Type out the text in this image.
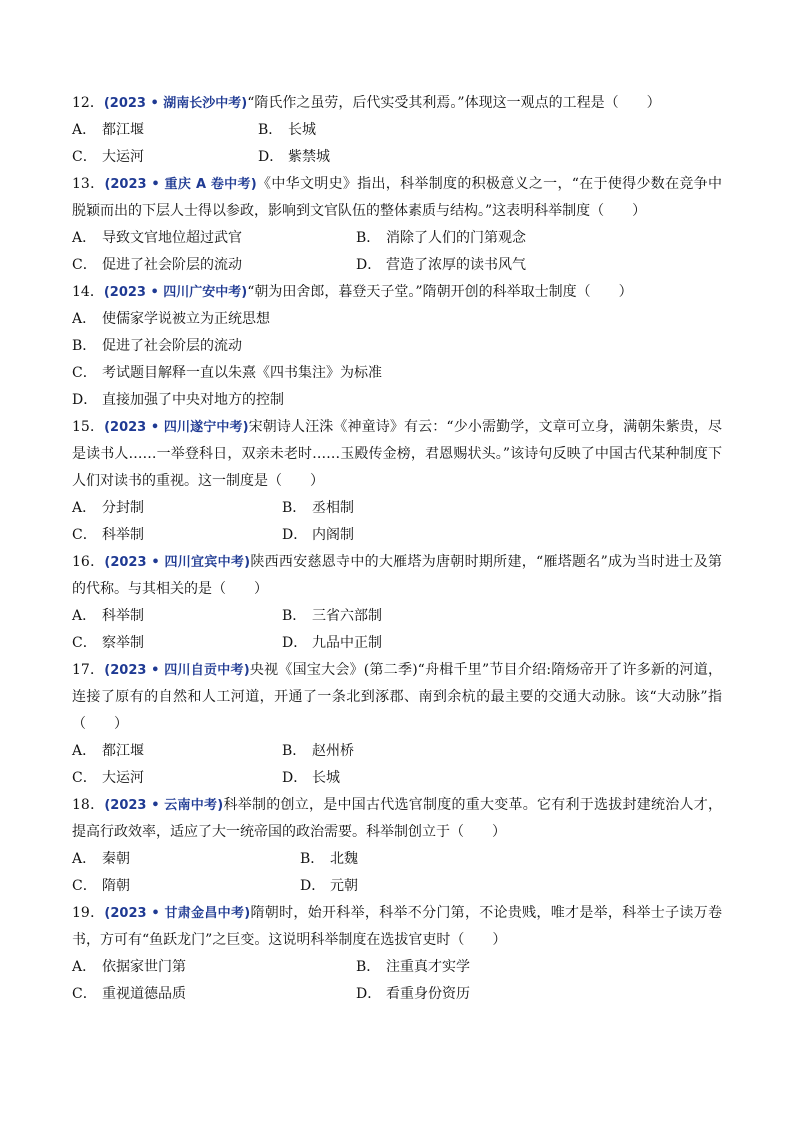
12．(2023 • 湖南长沙中考)“隋氏作之虽劳，后代实受其利焉。”体现这一观点的工程是（　　）
A． 都江堰	B． 长城
C． 大运河	D． 紫禁城
13．(2023 • 重庆 A 卷中考)《中华文明史》指出，科举制度的积极意义之一，“在于使得少数在竞争中脱颖而出的下层人士得以参政，影响到文官队伍的整体素质与结构。”这表明科举制度（　　）
A． 导致文官地位超过武官	B． 消除了人们的门第观念
C． 促进了社会阶层的流动	D． 营造了浓厚的读书风气
14．(2023 • 四川广安中考)“朝为田舍郎，暮登天子堂。”隋朝开创的科举取士制度（　　）
A． 使儒家学说被立为正统思想
B． 促进了社会阶层的流动
C． 考试题目解释一直以朱熹《四书集注》为标准
D． 直接加强了中央对地方的控制
15．(2023 • 四川遂宁中考)宋朝诗人汪洙《神童诗》有云：“少小需勤学，文章可立身，满朝朱紫贵，尽是读书人……一举登科日，双亲未老时……玉殿传金榜，君恩赐状头。”该诗句反映了中国古代某种制度下人们对读书的重视。这一制度是（　　）
A． 分封制	B． 丞相制
C． 科举制	D． 内阁制
16．(2023 • 四川宜宾中考)陕西西安慈恩寺中的大雁塔为唐朝时期所建，“雁塔题名”成为当时进士及第的代称。与其相关的是（　　）
A． 科举制	B． 三省六部制
C． 察举制	D． 九品中正制
17．(2023 • 四川自贡中考)央视《国宝大会》(第二季)“舟楫千里”节目介绍:隋炀帝开了许多新的河道，连接了原有的自然和人工河道，开通了一条北到涿郡、南到余杭的最主要的交通大动脉。该“大动脉”指（　　）
A． 都江堰	B． 赵州桥
C． 大运河	D． 长城
18．(2023 • 云南中考)科举制的创立，是中国古代选官制度的重大变革。它有利于选拔封建统治人才，提高行政效率，适应了大一统帝国的政治需要。科举制创立于（　　）
A． 秦朝	B． 北魏
C． 隋朝	D． 元朝
19．(2023 • 甘肃金昌中考)隋朝时，始开科举，科举不分门第，不论贵贱，唯才是举，科举士子读万卷书，方可有“鱼跃龙门”之巨变。这说明科举制度在选拔官吏时（　　）
A． 依据家世门第	B． 注重真才实学
C． 重视道德品质	D． 看重身份资历
